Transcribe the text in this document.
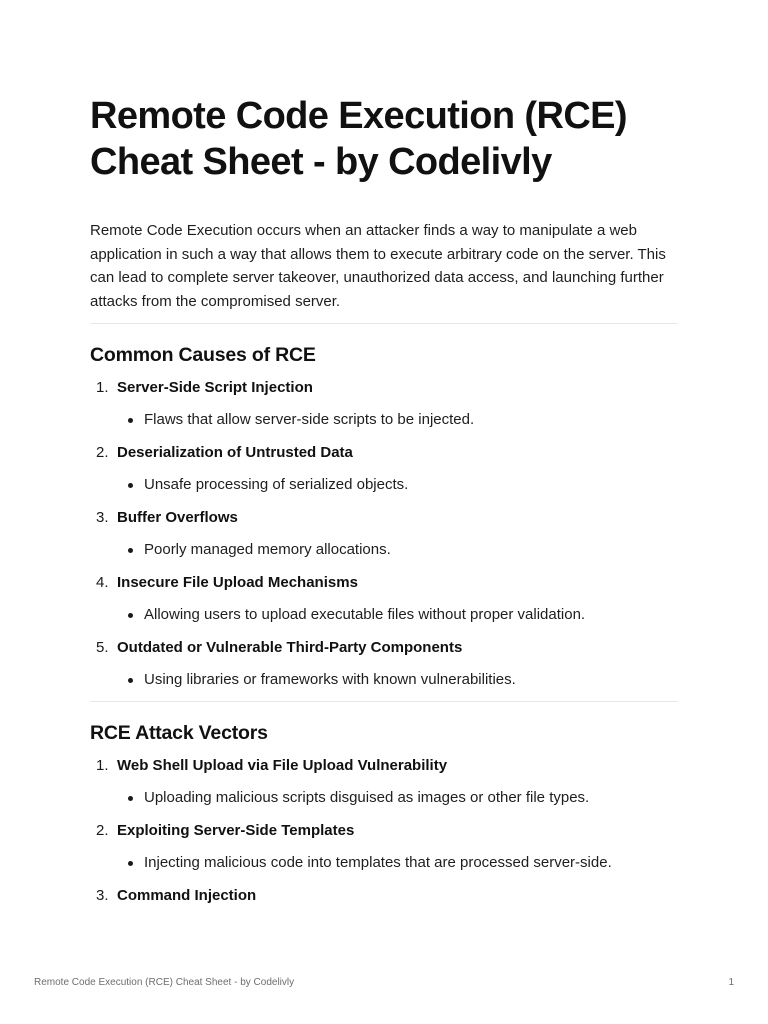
Remote Code Execution (RCE)
Cheat Sheet - by Codelivly

Remote Code Execution occurs when an attacker finds a way to manipulate a web application in such a way that allows them to execute arbitrary code on the server. This can lead to complete server takeover, unauthorized data access, and launching further attacks from the compromised server.

Common Causes of RCE
1. Server-Side Script Injection
Flaws that allow server-side scripts to be injected.
2. Deserialization of Untrusted Data
Unsafe processing of serialized objects.
3. Buffer Overflows
Poorly managed memory allocations.
4. Insecure File Upload Mechanisms
Allowing users to upload executable files without proper validation.
5. Outdated or Vulnerable Third-Party Components
Using libraries or frameworks with known vulnerabilities.
RCE Attack Vectors
1. Web Shell Upload via File Upload Vulnerability
Uploading malicious scripts disguised as images or other file types.
2. Exploiting Server-Side Templates
Injecting malicious code into templates that are processed server-side.
3. Command Injection
Remote Code Execution (RCE) Cheat Sheet - by Codelivly	1
